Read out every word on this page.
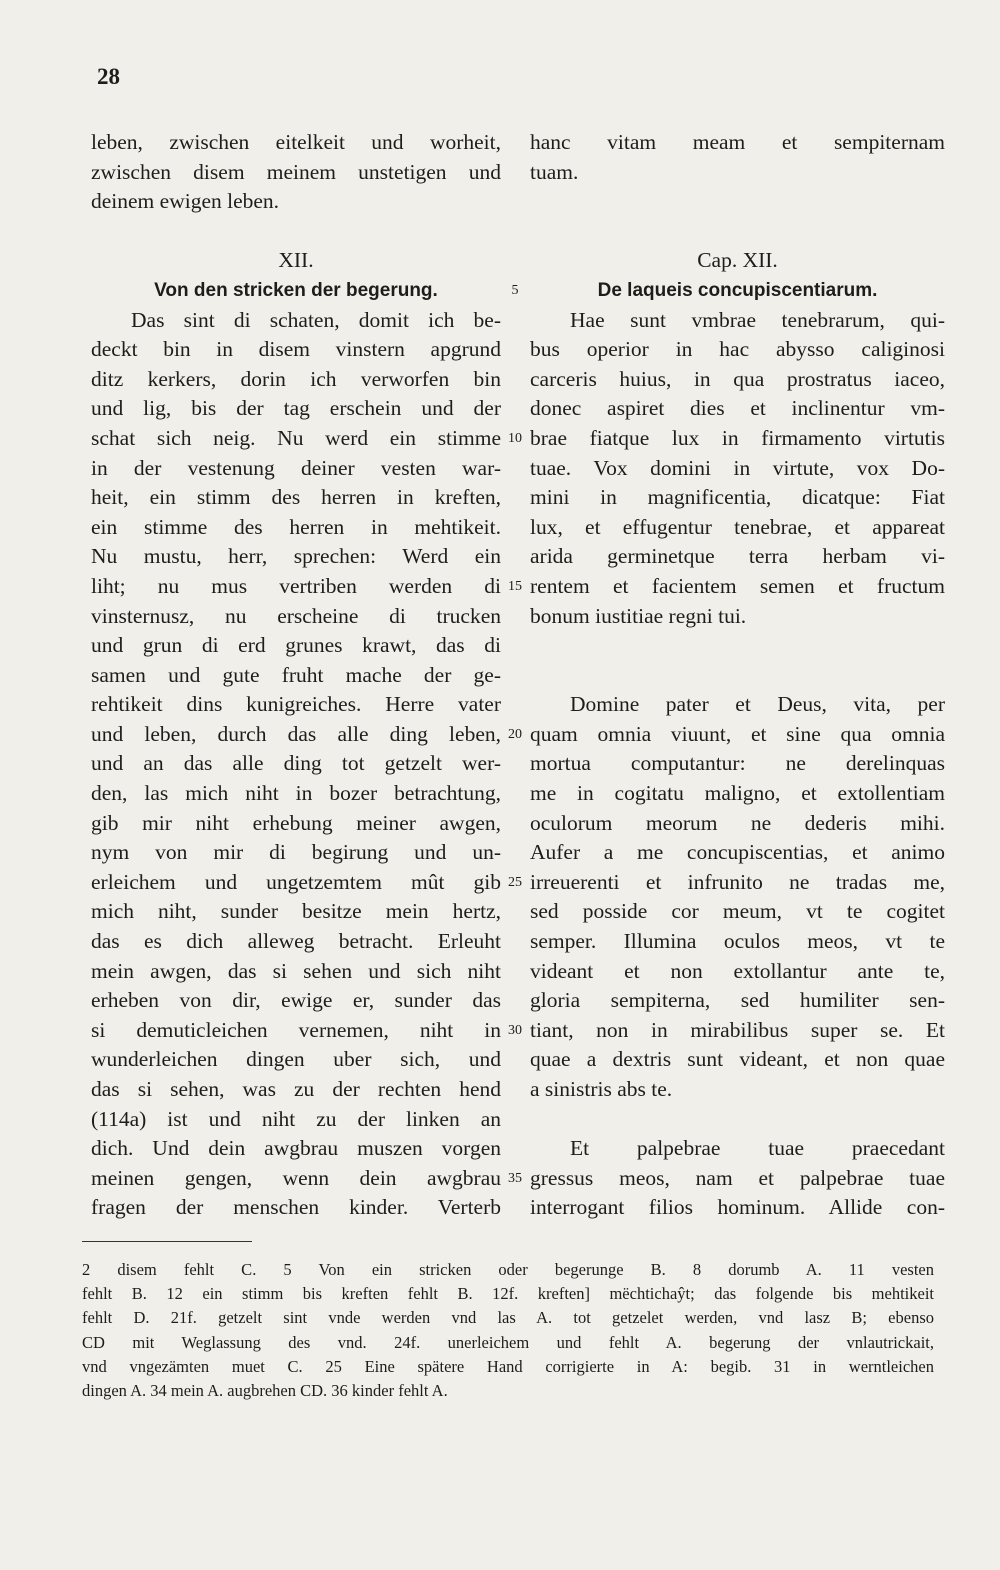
28
leben, zwischen eitelkeit und worheit,
zwischen disem meinem unstetigen und
deinem ewigen leben.
XII.
Von den stricken der begerung.
Das sint di schaten, domit ich be-
deckt bin in disem vinstern apgrund
ditz kerkers, dorin ich verworfen bin
und lig, bis der tag erschein und der
schat sich neig. Nu werd ein stimme
in der vestenung deiner vesten war-
heit, ein stimm des herren in kreften,
ein stimme des herren in mehtikeit.
Nu mustu, herr, sprechen: Werd ein
liht; nu mus vertriben werden di
vinsternusz, nu erscheine di trucken
und grun di erd grunes krawt, das di
samen und gute fruht mache der ge-
rehtikeit dins kunigreiches. Herre vater
und leben, durch das alle ding leben,
und an das alle ding tot getzelt wer-
den, las mich niht in bozer betrachtung,
gib mir niht erhebung meiner awgen,
nym von mir di begirung und un-
erleichem und ungetzemtem mût gib
mich niht, sunder besitze mein hertz,
das es dich alleweg betracht. Erleuht
mein awgen, das si sehen und sich niht
erheben von dir, ewige er, sunder das
si demuticleichen vernemen, niht in
wunderleichen dingen uber sich, und
das si sehen, was zu der rechten hend
(114a) ist und niht zu der linken an
dich. Und dein awgbrau muszen vorgen
meinen gengen, wenn dein awgbrau
fragen der menschen kinder. Verterb
5
10
15
20
25
30
35
hanc vitam meam et sempiternam
tuam.
Cap. XII.
De laqueis concupiscentiarum.
Hae sunt vmbrae tenebrarum, qui-
bus operior in hac abysso caliginosi
carceris huius, in qua prostratus iaceo,
donec aspiret dies et inclinentur vm-
brae fiatque lux in firmamento virtutis
tuae. Vox domini in virtute, vox Do-
mini in magnificentia, dicatque: Fiat
lux, et effugentur tenebrae, et appareat
arida germinetque terra herbam vi-
rentem et facientem semen et fructum
bonum iustitiae regni tui.
Domine pater et Deus, vita, per
quam omnia viuunt, et sine qua omnia
mortua computantur: ne derelinquas
me in cogitatu maligno, et extollentiam
oculorum meorum ne dederis mihi.
Aufer a me concupiscentias, et animo
irreuerenti et infrunito ne tradas me,
sed posside cor meum, vt te cogitet
semper. Illumina oculos meos, vt te
videant et non extollantur ante te,
gloria sempiterna, sed humiliter sen-
tiant, non in mirabilibus super se. Et
quae a dextris sunt videant, et non quae
a sinistris abs te.
Et palpebrae tuae praecedant
gressus meos, nam et palpebrae tuae
interrogant filios hominum. Allide con-
2 disem fehlt C. 5 Von ein stricken oder begerunge B. 8 dorumb A. 11 vesten
fehlt B. 12 ein stimm bis kreften fehlt B. 12f. kreften] mëchtichaŷt; das folgende bis mehtikeit
fehlt D. 21f. getzelt sint vnde werden vnd las A. tot getzelet werden, vnd lasz B; ebenso
CD mit Weglassung des vnd. 24f. unerleichem und fehlt A. begerung der vnlautrickait,
vnd vngezämten muet C. 25 Eine spätere Hand corrigierte in A: begib. 31 in werntleichen
dingen A. 34 mein A. augbrehen CD. 36 kinder fehlt A.
